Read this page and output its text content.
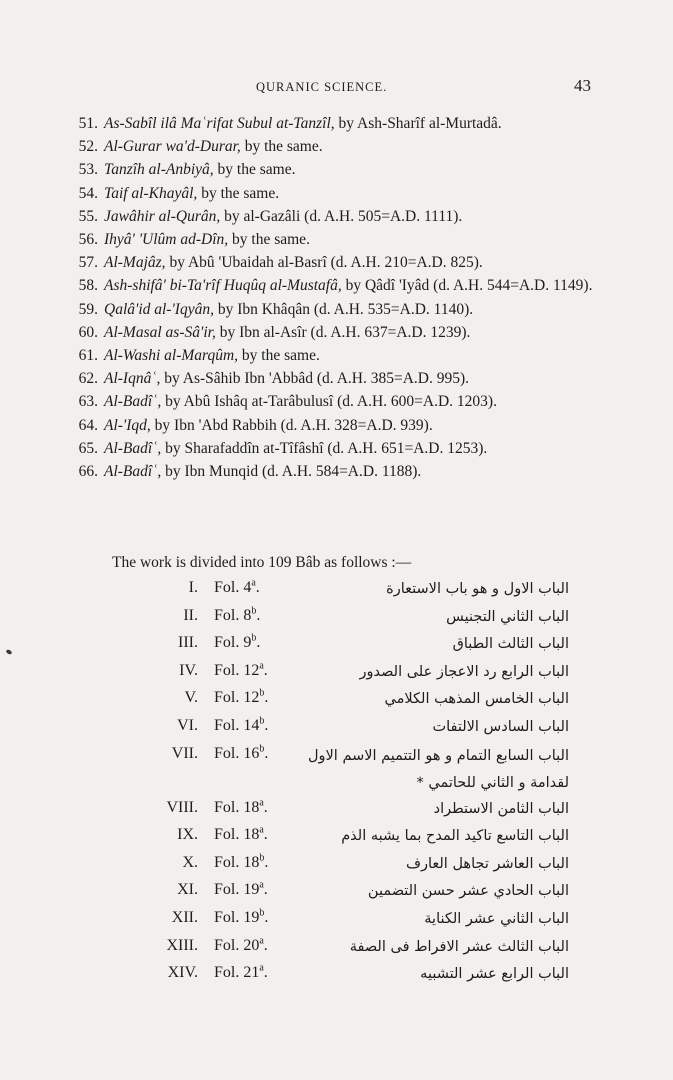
QURANIC SCIENCE.	43

51. As-Sabîl ilâ Maʿrifat Subul at-Tanzîl, by Ash-Sharîf al-Murtadâ.

52. Al-Gurar wa'd-Durar, by the same.

53. Tanzîh al-Anbiyâ, by the same.

54. Taif al-Khayâl, by the same.

55. Jawâhir al-Qurân, by al-Gazâli (d. A.H. 505=A.D. 1111).

56. Ihyâ' 'Ulûm ad-Dîn, by the same.

57. Al-Majâz, by Abû 'Ubaidah al-Basrî (d. A.H. 210=A.D. 825).

58. Ash-shifâ' bi-Ta'rîf Huqûq al-Mustafâ, by Qâdî 'Iyâd (d. A.H. 544=A.D. 1149).

59. Qalâ'id al-'Iqyân, by Ibn Khâqân (d. A.H. 535=A.D. 1140).

60. Al-Masal as-Sâ'ir, by Ibn al-Asîr (d. A.H. 637=A.D. 1239).

61. Al-Washi al-Marqûm, by the same.

62. Al-Iqnâʿ, by As-Sâhib Ibn 'Abbâd (d. A.H. 385=A.D. 995).

63. Al-Badîʿ, by Abû Ishâq at-Tarâbulusî (d. A.H. 600=A.D. 1203).

64. Al-'Iqd, by Ibn 'Abd Rabbih (d. A.H. 328=A.D. 939).

65. Al-Badîʿ, by Sharafaddîn at-Tîfâshî (d. A.H. 651=A.D. 1253).

66. Al-Badîʿ, by Ibn Munqid (d. A.H. 584=A.D. 1188).

The work is divided into 109 Bâb as follows :—
I. Fol. 4$^a$.	الباب الاول و هو باب الاستعارة
II. Fol. 8$^b$.	الباب الثاني التجنيس
III. Fol. 9$^b$.	الباب الثالث الطباق
IV. Fol. 12$^a$.	الباب الرابع رد الاعجاز على الصدور
V. Fol. 12$^b$.	الباب الخامس المذهب الكلامي
VI. Fol. 14$^b$.	الباب السادس الالتفات
VII. Fol. 16$^b$.	الباب السابع التمام و هو التتميم الاسم الاول
لقدامة و الثاني للحاتمي *
VIII. Fol. 18$^a$.	الباب الثامن الاستطراد
IX. Fol. 18$^a$.	الباب التاسع تاكيد المدح بما يشبه الذم
X. Fol. 18$^b$.	الباب العاشر تجاهل العارف
XI. Fol. 19$^a$.	الباب الحادي عشر حسن التضمين
XII. Fol. 19$^b$.	الباب الثاني عشر الكناية
XIII. Fol. 20$^a$.	الباب الثالث عشر الافراط فى الصفة
XIV. Fol. 21$^a$.	الباب الرابع عشر التشبيه
